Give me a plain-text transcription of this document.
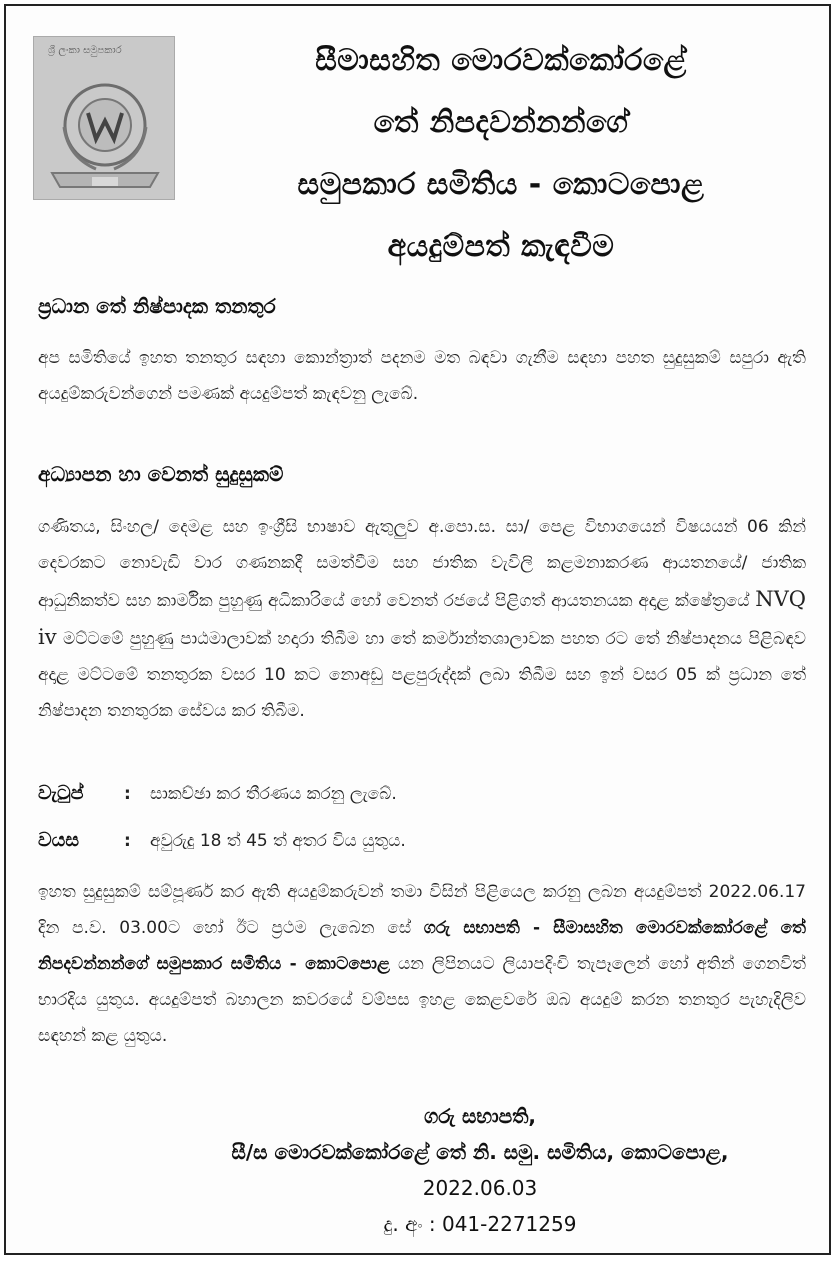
ශ්‍රී ලංකා සමුපකාර	සීමාසහිත මොරවක්කෝරළේ
තේ නිපදවන්නන්ගේ
සමුපකාර සමිතිය - කොටපොළ
අයදුම්පත් කැඳවීම
ප්‍රධාන තේ නිෂ්පාදක තනතුර
අප සමිතියේ ඉහත තනතුර සඳහා කොන්ත්‍රාත් පදනම මත බඳවා ගැනීම සඳහා පහත සුදුසුකම් සපුරා ඇති අයදුම්කරුවන්ගෙන් පමණක් අයදුම්පත් කැඳවනු ලැබේ.
අධ්‍යාපන හා වෙනත් සුදුසුකම්
ගණිතය, සිංහල/ දෙමළ සහ ඉංග්‍රීසි භාෂාව ඇතුලුව අ.පො.ස. සා/ පෙළ විභාගයෙන් විෂයයන් 06 කින් දෙවරකට නොවැඩි වාර ගණනකදී සමත්වීම සහ ජාතික වැවිලි කළමනාකරණ ආයතනයේ/ ජාතික ආධුනිකත්ව සහ කාර්මික පුහුණු අධිකාරියේ හෝ වෙනත් රජයේ පිළිගත් ආයතනයක අදාළ ක්ෂේත්‍රයේ NVQ iv මට්ටමේ පුහුණු පාඨමාලාවක් හදාරා තිබීම හා තේ කර්මාන්තශාලාවක පහත රට තේ නිෂ්පාදනය පිළිබඳව අදාළ මට්ටමේ තනතුරක වසර 10 කට නොඅඩු පළපුරුද්දක් ලබා තිබීම සහ ඉන් වසර 05 ක් ප්‍රධාන තේ නිෂ්පාදන තනතුරක සේවය කර තිබීම.
වැටුප් : සාකච්ඡා කර තීරණය කරනු ලැබේ.
වයස	: අවුරුදු 18 ත් 45 ත් අතර විය යුතුය.
ඉහත සුදුසුකම් සම්පූර්ණ කර ඇති අයදුම්කරුවන් තමා විසින් පිළියෙල කරනු ලබන අයදුම්පත් 2022.06.17 දින ප.ව. 03.00ට හෝ ඊට ප්‍රථම ලැබෙන සේ ගරු සභාපති - සීමාසහිත මොරවක්කෝරළේ තේ නිපදවන්නන්ගේ සමුපකාර සමිතිය - කොටපොළ යන ලිපිනයට ලියාපදිංචි තැපෑලෙන් හෝ අතින් ගෙනවිත් භාරදිය යුතුය. අයදුම්පත් බහාලන කවරයේ වම්පස ඉහළ කෙළවරේ ඔබ අයදුම් කරන තනතුර පැහැදිලිව සඳහන් කළ යුතුය.
ගරු සභාපති,
සී/ස මොරවක්කෝරළේ තේ නි. සමු. සමිතිය, කොටපොළ,
2022.06.03
දු. අං : 041-2271259
